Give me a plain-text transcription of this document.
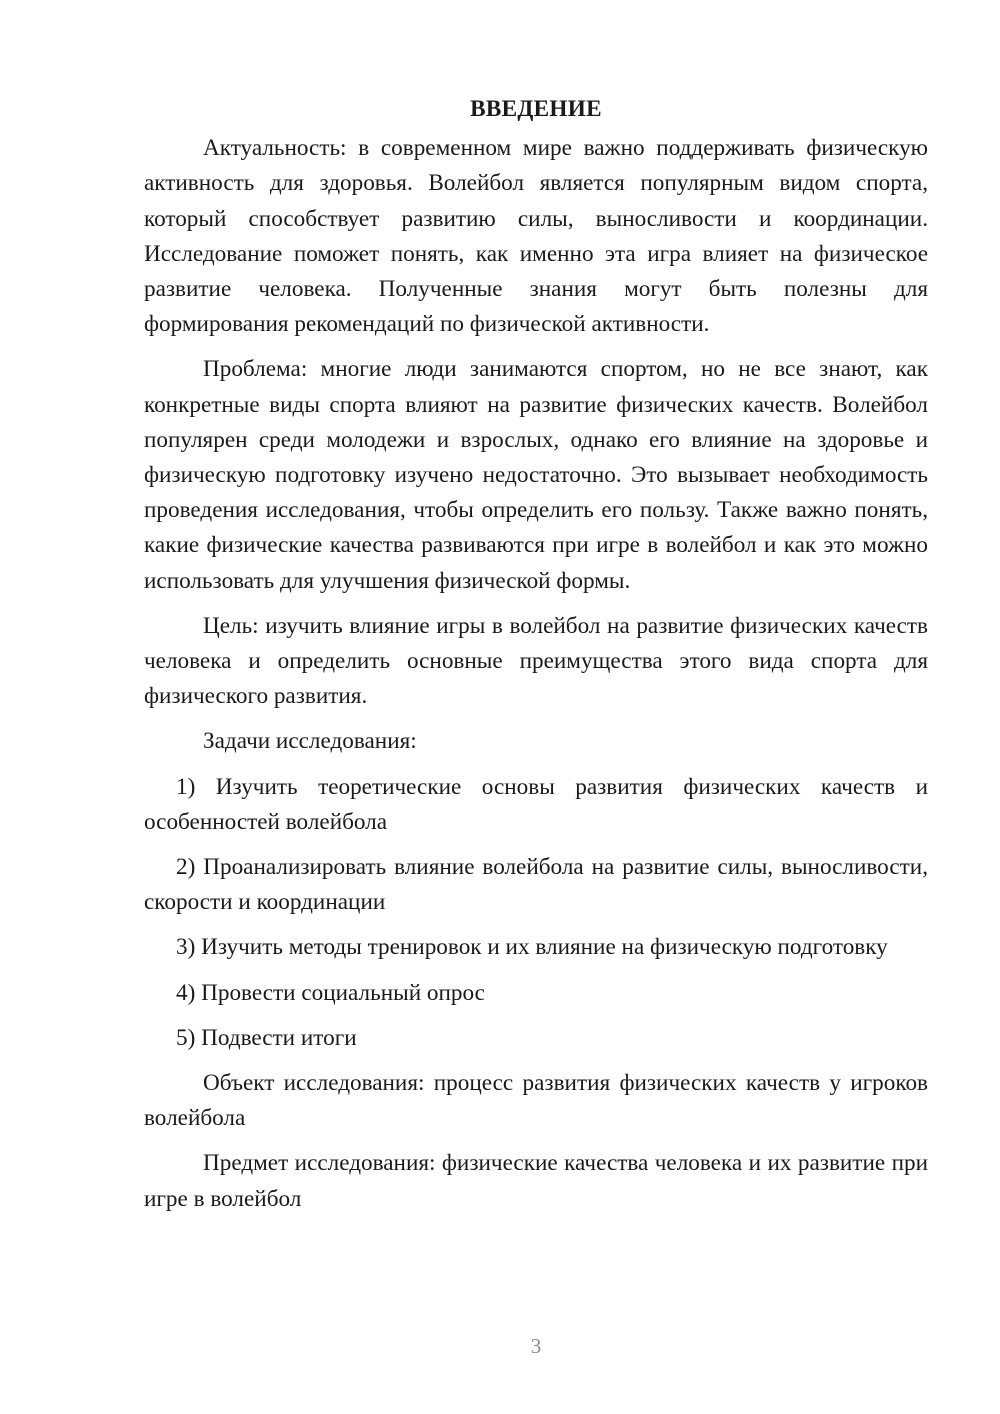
ВВЕДЕНИЕ

Актуальность: в современном мире важно поддерживать физическую активность для здоровья. Волейбол является популярным видом спорта, который способствует развитию силы, выносливости и координации. Исследование поможет понять, как именно эта игра влияет на физическое развитие человека. Полученные знания могут быть полезны для формирования рекомендаций по физической активности.

Проблема: многие люди занимаются спортом, но не все знают, как конкретные виды спорта влияют на развитие физических качеств. Волейбол популярен среди молодежи и взрослых, однако его влияние на здоровье и физическую подготовку изучено недостаточно. Это вызывает необходимость проведения исследования, чтобы определить его пользу. Также важно понять, какие физические качества развиваются при игре в волейбол и как это можно использовать для улучшения физической формы.

Цель: изучить влияние игры в волейбол на развитие физических качеств человека и определить основные преимущества этого вида спорта для физического развития.

Задачи исследования:

1) Изучить теоретические основы развития физических качеств и особенностей волейбола

2) Проанализировать влияние волейбола на развитие силы, выносливости, скорости и координации

3) Изучить методы тренировок и их влияние на физическую подготовку

4) Провести социальный опрос

5) Подвести итоги

Объект исследования: процесс развития физических качеств у игроков волейбола

Предмет исследования: физические качества человека и их развитие при игре в волейбол

3
